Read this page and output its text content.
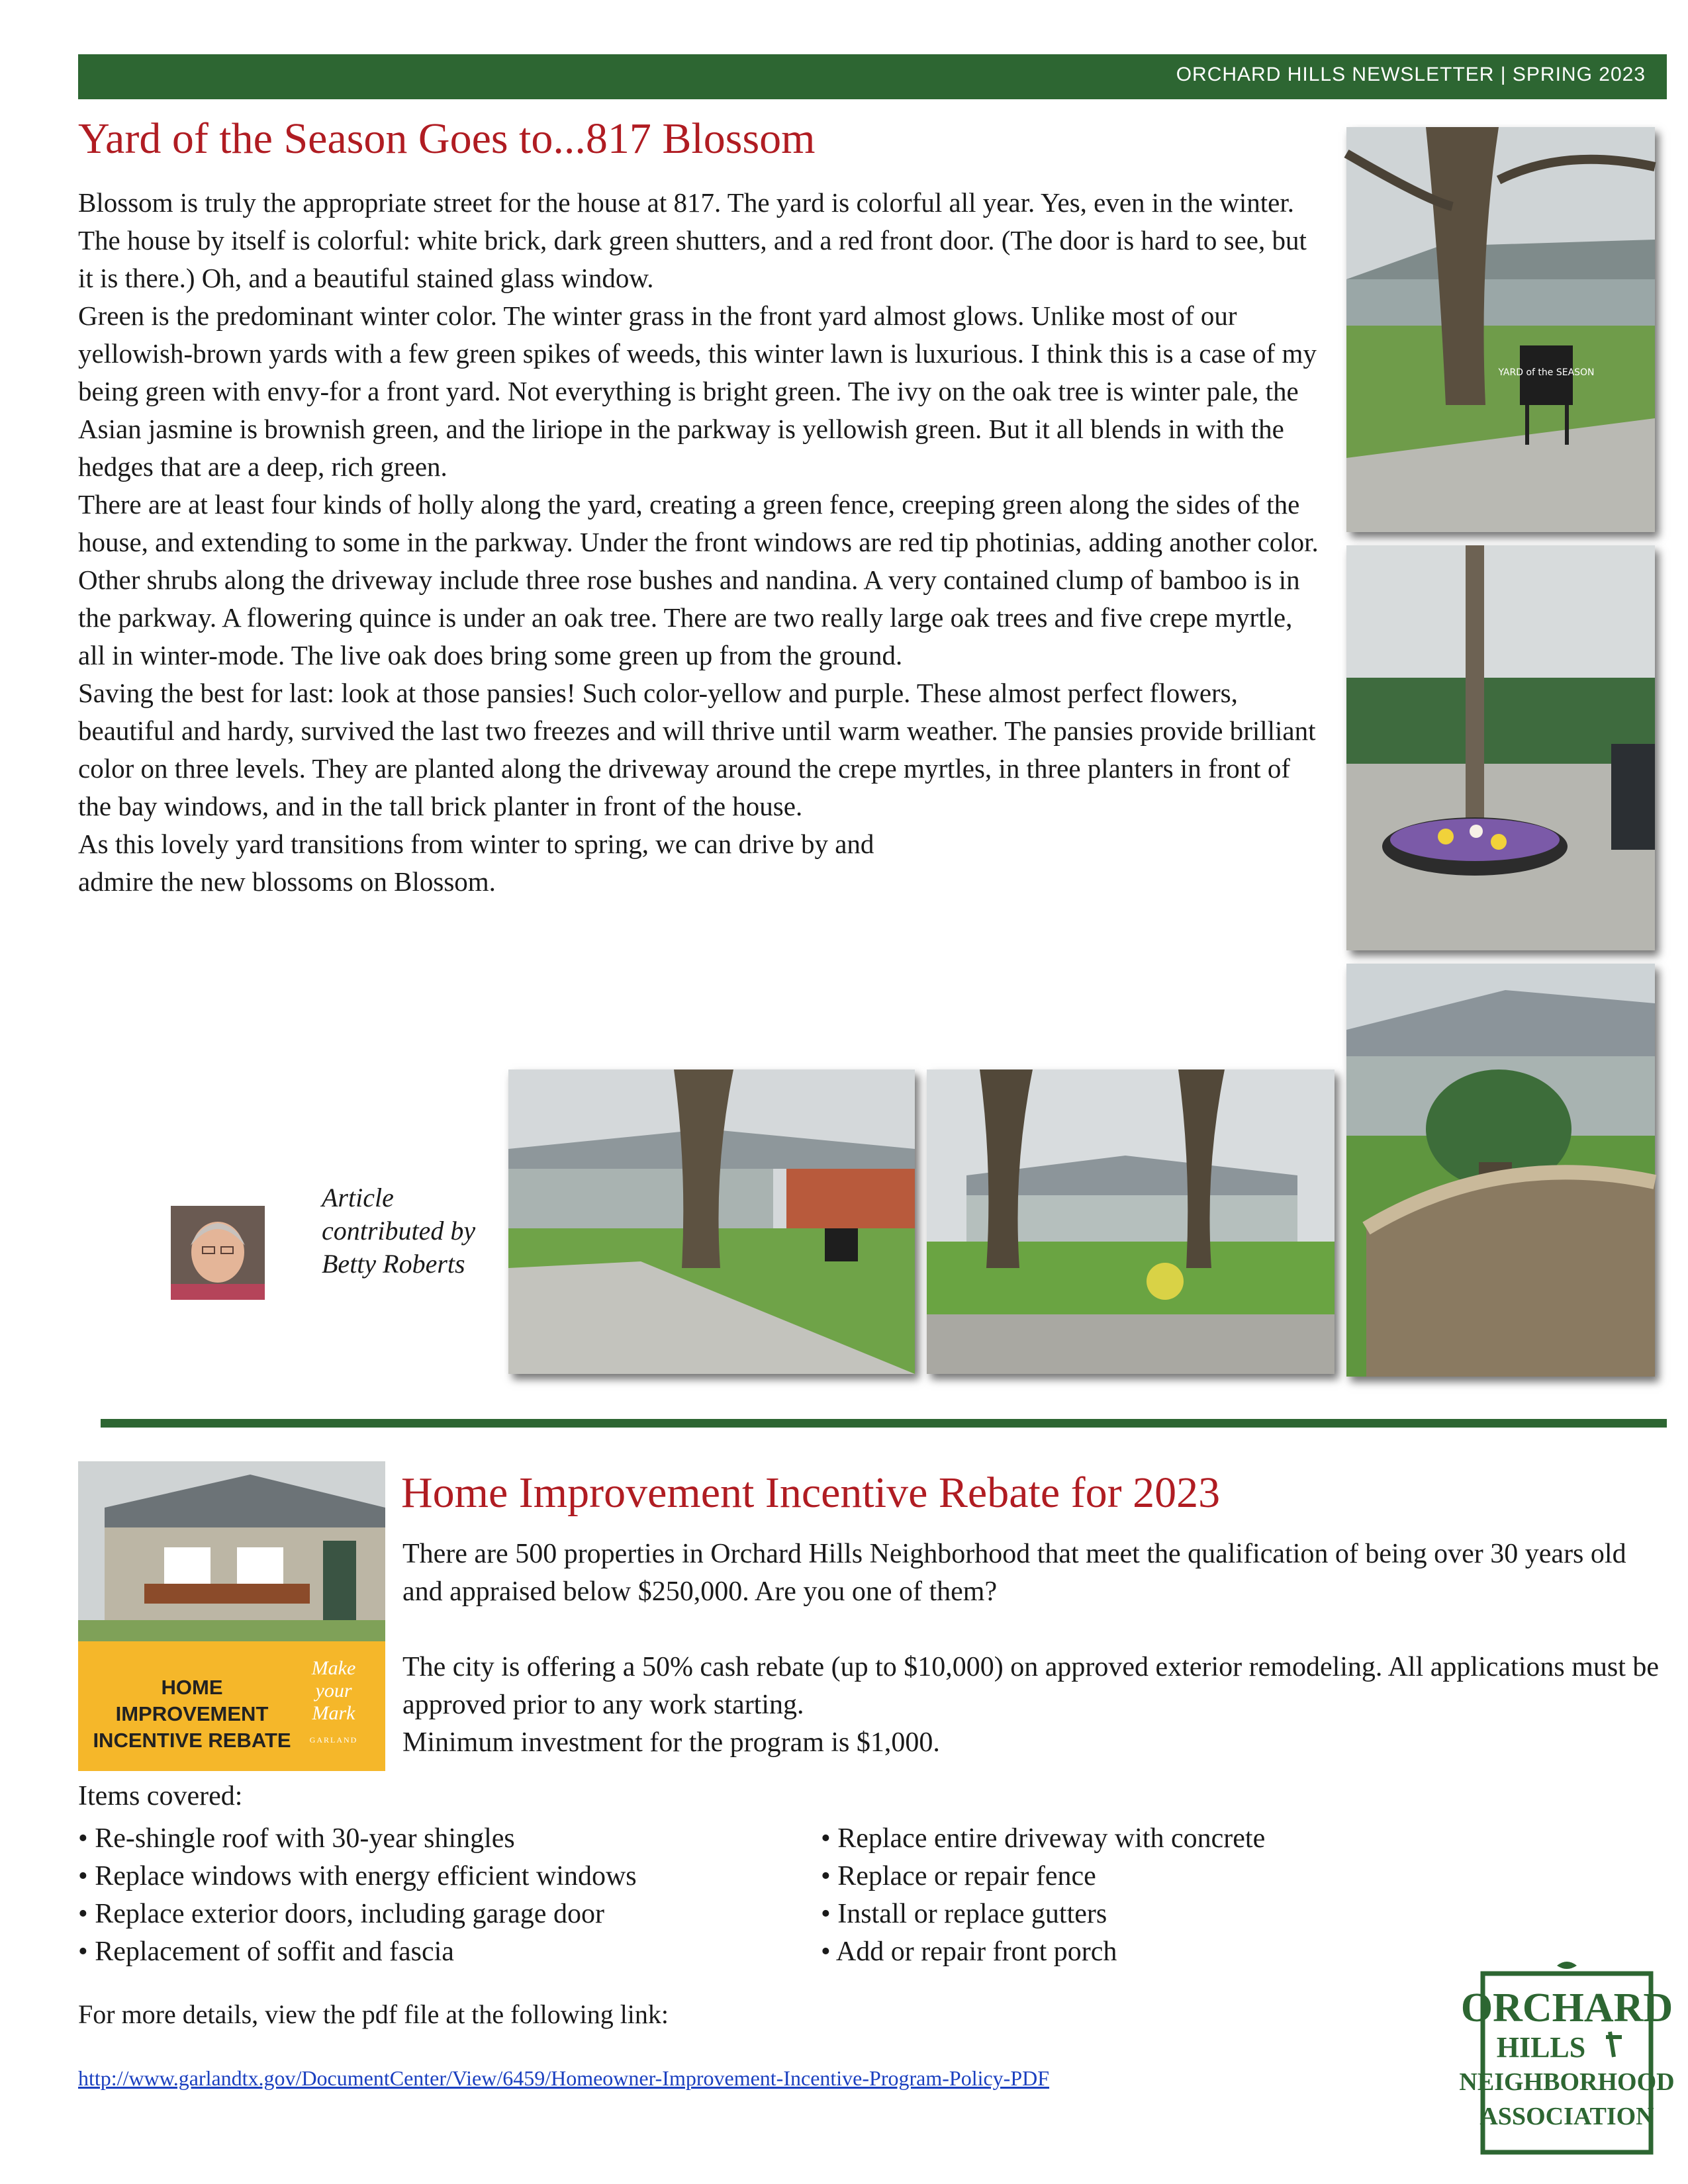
ORCHARD HILLS NEWSLETTER | SPRING 2023
Yard of the Season Goes to...817 Blossom

Blossom is truly the appropriate street for the house at 817. The yard is colorful all year. Yes, even in the winter. The house by itself is colorful: white brick, dark green shutters, and a red front door. (The door is hard to see, but it is there.) Oh, and a beautiful stained glass window.

Green is the predominant winter color. The winter grass in the front yard almost glows. Unlike most of our yellowish-brown yards with a few green spikes of weeds, this winter lawn is luxurious. I think this is a case of my being green with envy-for a front yard. Not everything is bright green. The ivy on the oak tree is winter pale, the Asian jasmine is brownish green, and the liriope in the parkway is yellowish green. But it all blends in with the hedges that are a deep, rich green.

There are at least four kinds of holly along the yard, creating a green fence, creeping green along the sides of the house, and extending to some in the parkway. Under the front windows are red tip photinias, adding another color.

Other shrubs along the driveway include three rose bushes and nandina. A very contained clump of bamboo is in the parkway. A flowering quince is under an oak tree. There are two really large oak trees and five crepe myrtle, all in winter-mode. The live oak does bring some green up from the ground.

Saving the best for last: look at those pansies! Such color-yellow and purple. These almost perfect flowers, beautiful and hardy, survived the last two freezes and will thrive until warm weather. The pansies provide brilliant color on three levels. They are planted along the driveway around the crepe myrtles, in three planters in front of the bay windows, and in the tall brick planter in front of the house.

As this lovely yard transitions from winter to spring, we can drive by and admire the new blossoms on Blossom.

YARD of the SEASON
Article contributed by Betty Roberts
HOME IMPROVEMENT INCENTIVE REBATE
Make your Mark
GARLAND
Home Improvement Incentive Rebate for 2023

There are 500 properties in Orchard Hills Neighborhood that meet the qualification of being over 30 years old and appraised below $250,000. Are you one of them?

The city is offering a 50% cash rebate (up to $10,000) on approved exterior remodeling. All applications must be approved prior to any work starting.

Minimum investment for the program is $1,000.

Items covered:
• Re-shingle roof with 30-year shingles
• Replace windows with energy efficient windows
• Replace exterior doors, including garage door
• Replacement of soffit and fascia
• Replace entire driveway with concrete
• Replace or repair fence
• Install or replace gutters
• Add or repair front porch
For more details, view the pdf file at the following link:
http://www.garlandtx.gov/DocumentCenter/View/6459/Homeowner-Improvement-Incentive-Program-Policy-PDF
ORCHARD
HILLS
NEIGHBORHOOD
ASSOCIATION
